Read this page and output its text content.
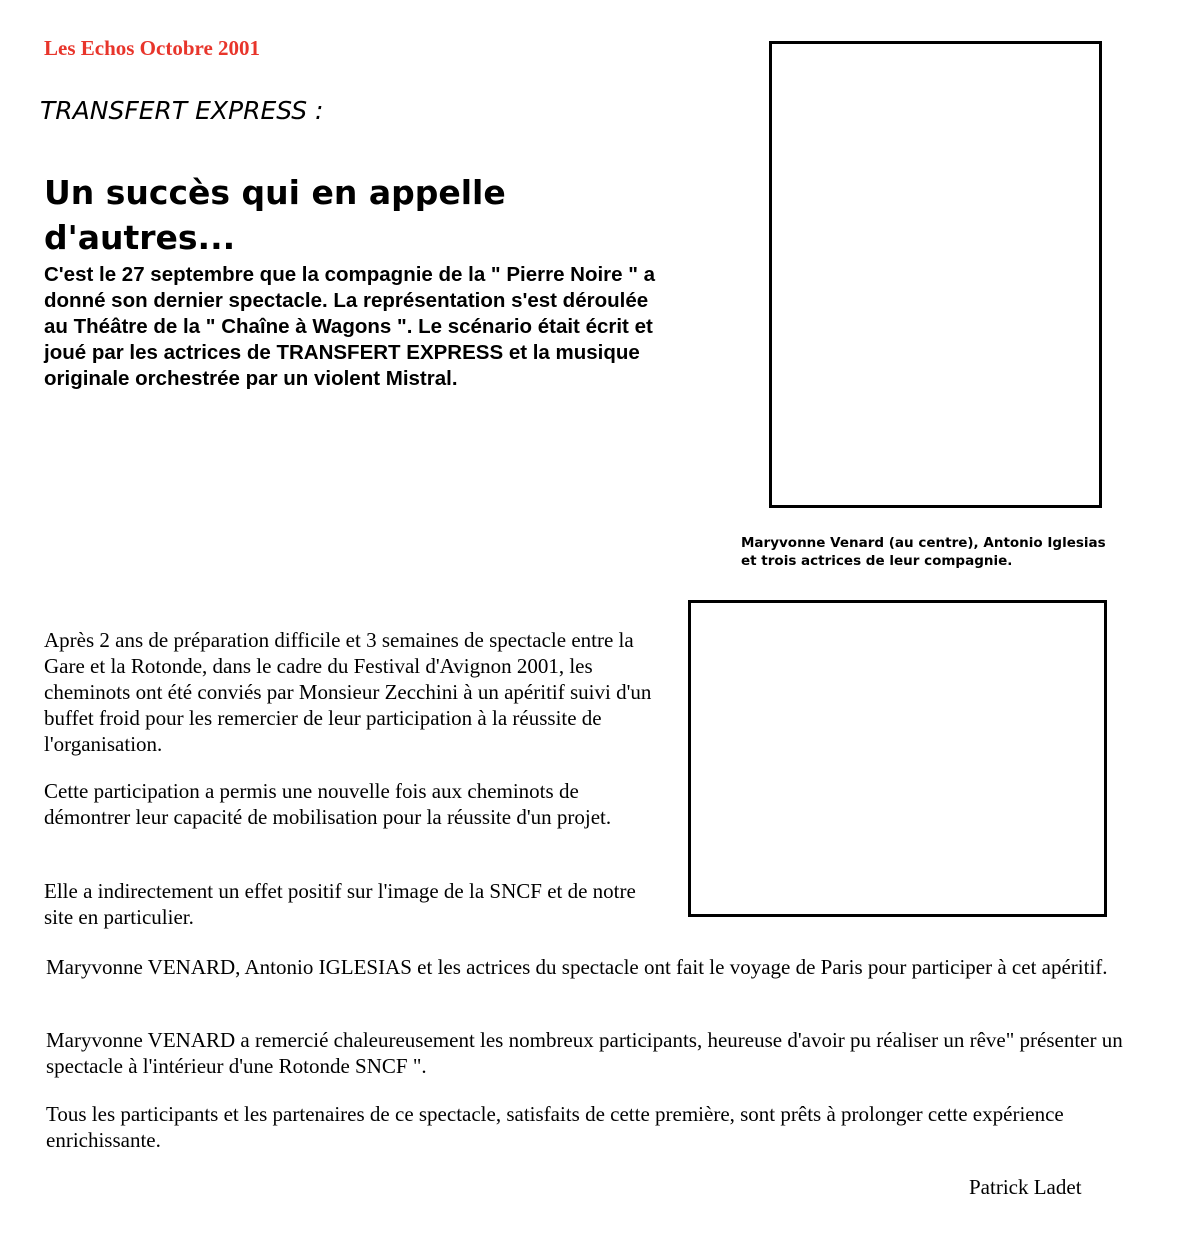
Les Echos Octobre 2001
TRANSFERT EXPRESS :
Un succès qui en appelle d'autres...

C'est le 27 septembre que la compagnie de la " Pierre Noire " a donné son dernier spectacle. La représentation s'est déroulée au Théâtre de la " Chaîne à Wagons ". Le scénario était écrit et joué par les actrices de TRANSFERT EXPRESS et la musique originale orchestrée par un violent Mistral.

Maryvonne Venard (au centre), Antonio Iglesias et trois actrices de leur compagnie.

Après 2 ans de préparation difficile et 3 semaines de spectacle entre la Gare et la Rotonde, dans le cadre du Festival d'Avignon 2001, les cheminots ont été conviés par Monsieur Zecchini à un apéritif suivi d'un buffet froid pour les remercier de leur participation à la réussite de l'organisation.

Cette participation a permis une nouvelle fois aux cheminots de démontrer leur capacité de mobilisation pour la réussite d'un projet.

Elle a indirectement un effet positif sur l'image de la SNCF et de notre site en particulier.

Maryvonne VENARD, Antonio IGLESIAS et les actrices du spectacle ont fait le voyage de Paris pour participer à cet apéritif.

Maryvonne VENARD a remercié chaleureusement les nombreux participants, heureuse d'avoir pu réaliser un rêve" présenter un spectacle à l'intérieur d'une Rotonde SNCF ".

Tous les participants et les partenaires de ce spectacle, satisfaits de cette première, sont prêts à prolonger cette expérience enrichissante.

Patrick Ladet
